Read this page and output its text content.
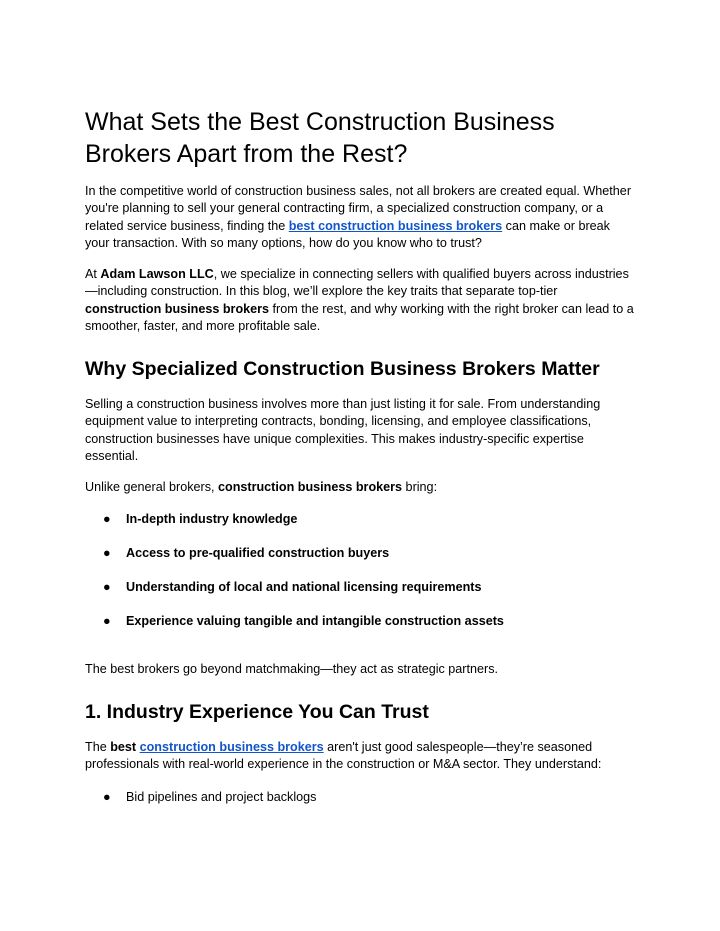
What Sets the Best Construction Business Brokers Apart from the Rest?

In the competitive world of construction business sales, not all brokers are created equal. Whether you're planning to sell your general contracting firm, a specialized construction company, or a related service business, finding the best construction business brokers can make or break your transaction. With so many options, how do you know who to trust?

At Adam Lawson LLC, we specialize in connecting sellers with qualified buyers across industries—including construction. In this blog, we’ll explore the key traits that separate top-tier construction business brokers from the rest, and why working with the right broker can lead to a smoother, faster, and more profitable sale.

Why Specialized Construction Business Brokers Matter

Selling a construction business involves more than just listing it for sale. From understanding equipment value to interpreting contracts, bonding, licensing, and employee classifications, construction businesses have unique complexities. This makes industry-specific expertise essential.

Unlike general brokers, construction business brokers bring:

● In-depth industry knowledge
● Access to pre-qualified construction buyers
● Understanding of local and national licensing requirements
● Experience valuing tangible and intangible construction assets

The best brokers go beyond matchmaking—they act as strategic partners.

1. Industry Experience You Can Trust

The best construction business brokers aren't just good salespeople—they’re seasoned professionals with real-world experience in the construction or M&A sector. They understand:

● Bid pipelines and project backlogs
